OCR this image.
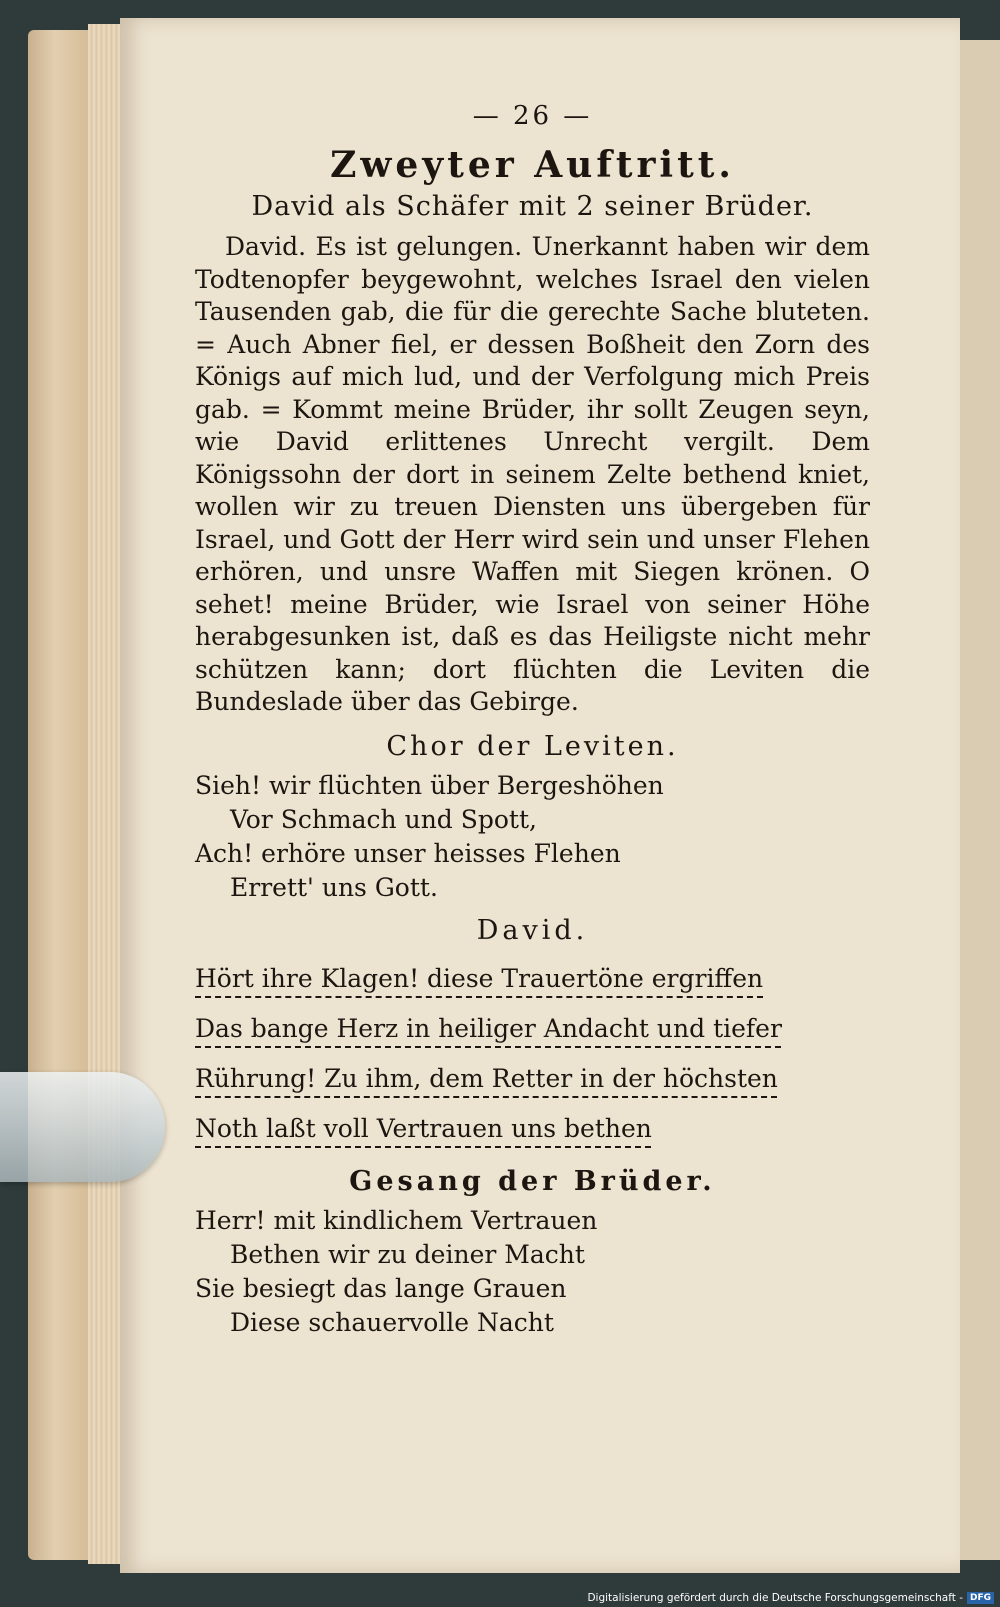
— 26 —
Zweyter Auftritt.
David als Schäfer mit 2 seiner Brüder.

David. Es ist gelungen. Unerkannt haben wir dem Todtenopfer beygewohnt, welches Israel den vielen Tausenden gab, die für die gerechte Sache bluteten. = Auch Abner fiel, er dessen Boßheit den Zorn des Königs auf mich lud, und der Verfolgung mich Preis gab. = Kommt meine Brüder, ihr sollt Zeugen seyn, wie David erlittenes Unrecht vergilt. Dem Königssohn der dort in seinem Zelte bethend kniet, wollen wir zu treuen Diensten uns übergeben für Israel, und Gott der Herr wird sein und unser Flehen erhören, und unsre Waffen mit Siegen krönen. O sehet! meine Brüder, wie Israel von seiner Höhe herabgesunken ist, daß es das Heiligste nicht mehr schützen kann; dort flüchten die Leviten die Bundeslade über das Gebirge.

Chor der Leviten.
Sieh! wir flüchten über Bergeshöhen
Vor Schmach und Spott,
Ach! erhöre unser heisses Flehen
Errett' uns Gott.
David.
Hört ihre Klagen! diese Trauertöne ergriffen
Das bange Herz in heiliger Andacht und tiefer
Rührung! Zu ihm, dem Retter in der höchsten
Noth laßt voll Vertrauen uns bethen
Gesang der Brüder.
Herr! mit kindlichem Vertrauen
Bethen wir zu deiner Macht
Sie besiegt das lange Grauen
Diese schauervolle Nacht
Digitalisierung gefördert durch die Deutsche Forschungsgemeinschaft - DFG
